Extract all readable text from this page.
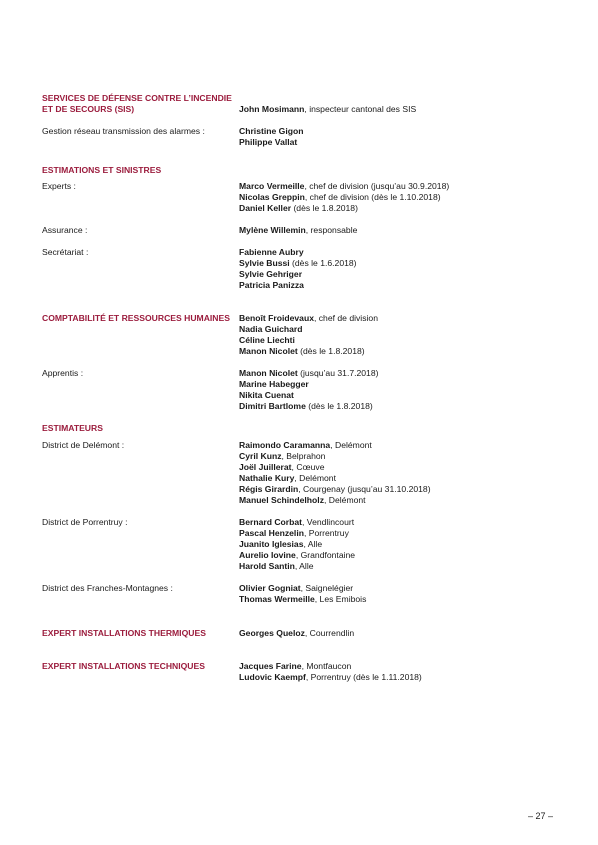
SERVICES DE DÉFENSE CONTRE L’INCENDIE
ET DE SECOURS (SIS)	John Mosimann, inspecteur cantonal des SIS
Gestion réseau transmission des alarmes :	Christine Gigon
Philippe Vallat
ESTIMATIONS ET SINISTRES
Experts :	Marco Vermeille, chef de division (jusqu’au 30.9.2018)
Nicolas Greppin, chef de division (dès le 1.10.2018)
Daniel Keller (dès le 1.8.2018)
Assurance :	Mylène Willemin, responsable
Secrétariat :	Fabienne Aubry
Sylvie Bussi (dès le 1.6.2018)
Sylvie Gehriger
Patricia Panizza
COMPTABILITÉ ET RESSOURCES HUMAINES	Benoît Froidevaux, chef de division
Nadia Guichard
Céline Liechti
Manon Nicolet (dès le 1.8.2018)
Apprentis :	Manon Nicolet (jusqu’au 31.7.2018)
Marine Habegger
Nikita Cuenat
Dimitri Bartlome (dès le 1.8.2018)
ESTIMATEURS
District de Delémont :	Raimondo Caramanna, Delémont
Cyril Kunz, Belprahon
Joël Juillerat, Cœuve
Nathalie Kury, Delémont
Régis Girardin, Courgenay (jusqu’au 31.10.2018)
Manuel Schindelholz, Delémont
District de Porrentruy :	Bernard Corbat, Vendlincourt
Pascal Henzelin, Porrentruy
Juanito Iglesias, Alle
Aurelio Iovine, Grandfontaine
Harold Santin, Alle
District des Franches-Montagnes :	Olivier Gogniat, Saignelégier
Thomas Wermeille, Les Emibois
EXPERT INSTALLATIONS THERMIQUES	Georges Queloz, Courrendlin
EXPERT INSTALLATIONS TECHNIQUES	Jacques Farine, Montfaucon
Ludovic Kaempf, Porrentruy (dès le 1.11.2018)
– 27 –
